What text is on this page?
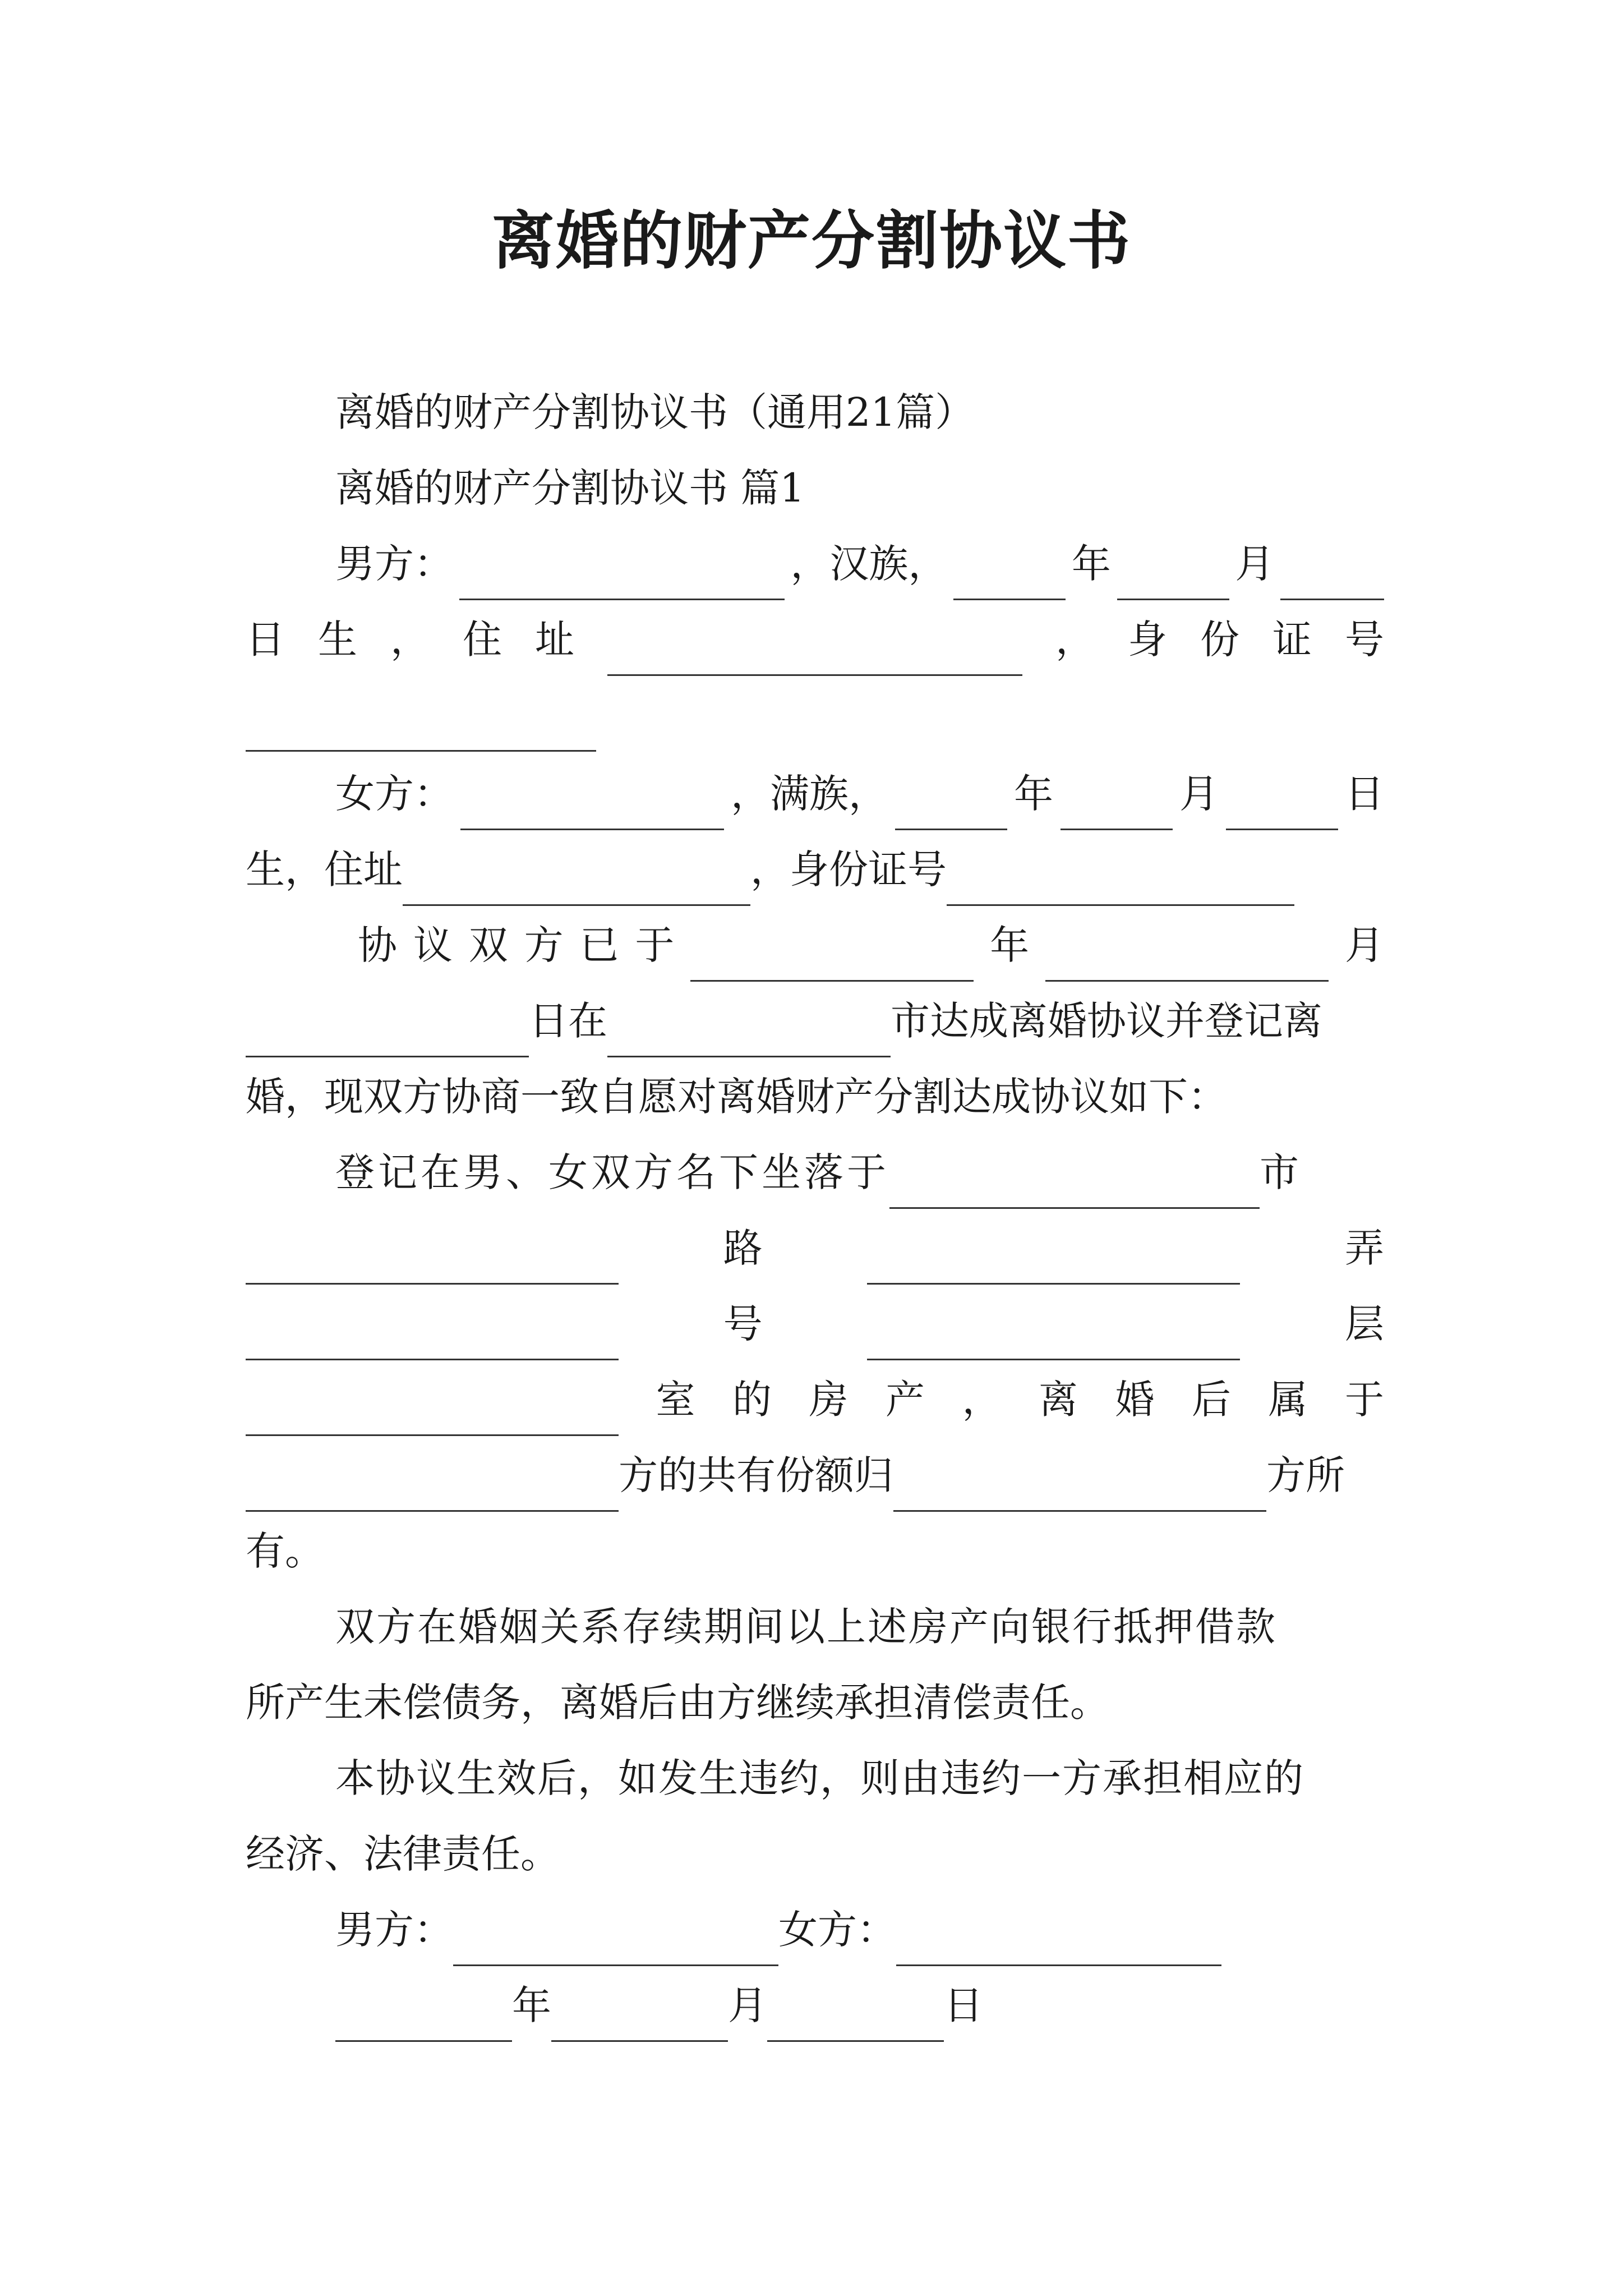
离婚的财产分割协议书
离婚的财产分割协议书（通用21篇）
离婚的财产分割协议书 篇1
男方：	，汉族，	年	月
日 生 ， 住 址	， 身 份 证 号
女方：	，满族，	年	月	日
生，住址	，身份证号
协 议 双 方 已 于	年	月
日在	市达成离婚协议并登记离
婚，现双方协商一致自愿对离婚财产分割达成协议如下：
登记在男、女双方名下坐落于	市
路	弄
号	层
室 的 房 产 ， 离 婚 后 属 于
方的共有份额归	方所
有。
双方在婚姻关系存续期间以上述房产向银行抵押借款
所产生未偿债务，离婚后由方继续承担清偿责任。
本协议生效后，如发生违约，则由违约一方承担相应的
经济、法律责任。
男方：	女方：
年	月	日
